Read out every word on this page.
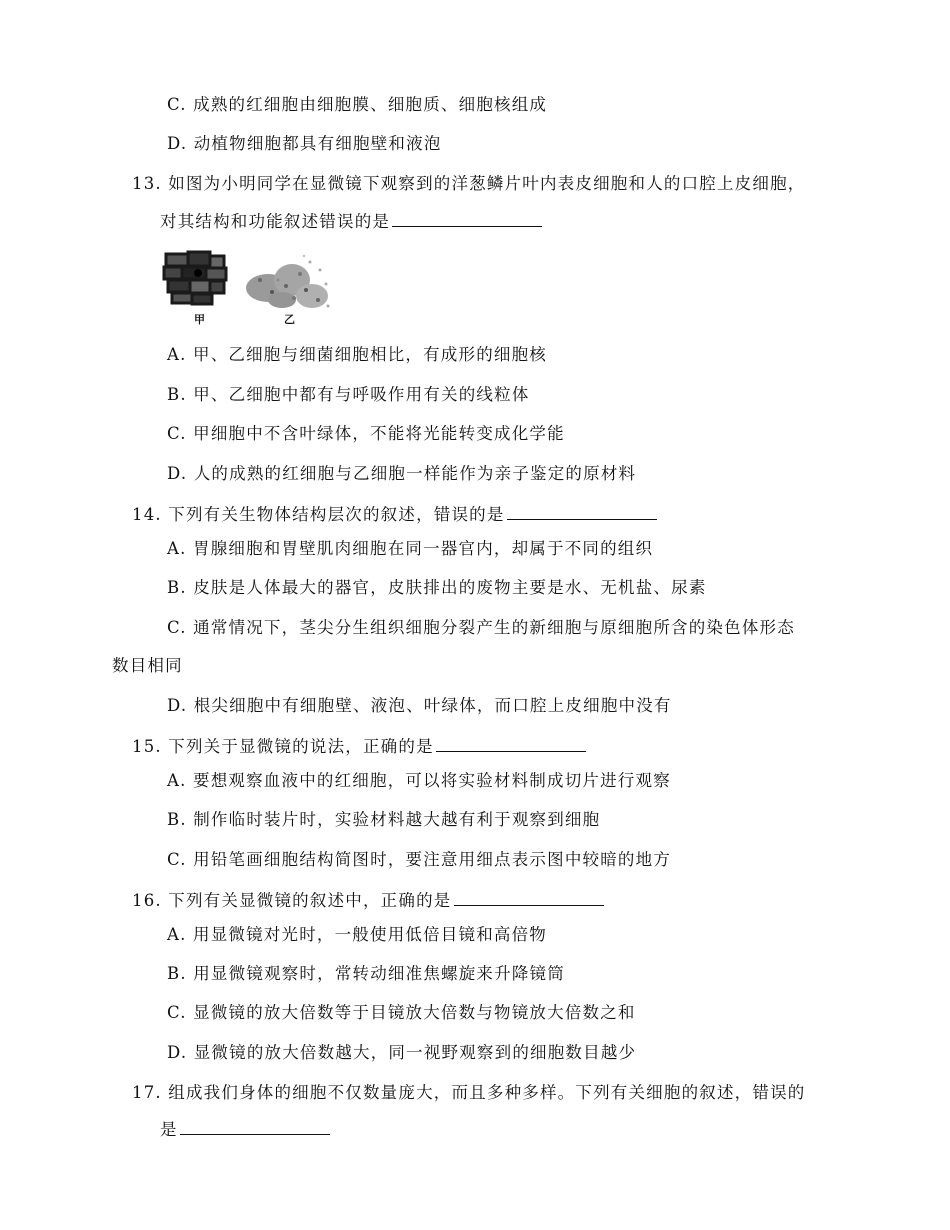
C. 成熟的红细胞由细胞膜、细胞质、细胞核组成
D. 动植物细胞都具有细胞壁和液泡
13. 如图为小明同学在显微镜下观察到的洋葱鳞片叶内表皮细胞和人的口腔上皮细胞，
对其结构和功能叙述错误的是
甲	乙
A. 甲、乙细胞与细菌细胞相比，有成形的细胞核
B. 甲、乙细胞中都有与呼吸作用有关的线粒体
C. 甲细胞中不含叶绿体，不能将光能转变成化学能
D. 人的成熟的红细胞与乙细胞一样能作为亲子鉴定的原材料
14. 下列有关生物体结构层次的叙述，错误的是
A. 胃腺细胞和胃壁肌肉细胞在同一器官内，却属于不同的组织
B. 皮肤是人体最大的器官，皮肤排出的废物主要是水、无机盐、尿素
C. 通常情况下，茎尖分生组织细胞分裂产生的新细胞与原细胞所含的染色体形态
数目相同
D. 根尖细胞中有细胞壁、液泡、叶绿体，而口腔上皮细胞中没有
15. 下列关于显微镜的说法，正确的是
A. 要想观察血液中的红细胞，可以将实验材料制成切片进行观察
B. 制作临时装片时，实验材料越大越有利于观察到细胞
C. 用铅笔画细胞结构简图时，要注意用细点表示图中较暗的地方
16. 下列有关显微镜的叙述中，正确的是
A. 用显微镜对光时，一般使用低倍目镜和高倍物
B. 用显微镜观察时，常转动细准焦螺旋来升降镜筒
C. 显微镜的放大倍数等于目镜放大倍数与物镜放大倍数之和
D. 显微镜的放大倍数越大，同一视野观察到的细胞数目越少
17. 组成我们身体的细胞不仅数量庞大，而且多种多样。下列有关细胞的叙述，错误的
是
